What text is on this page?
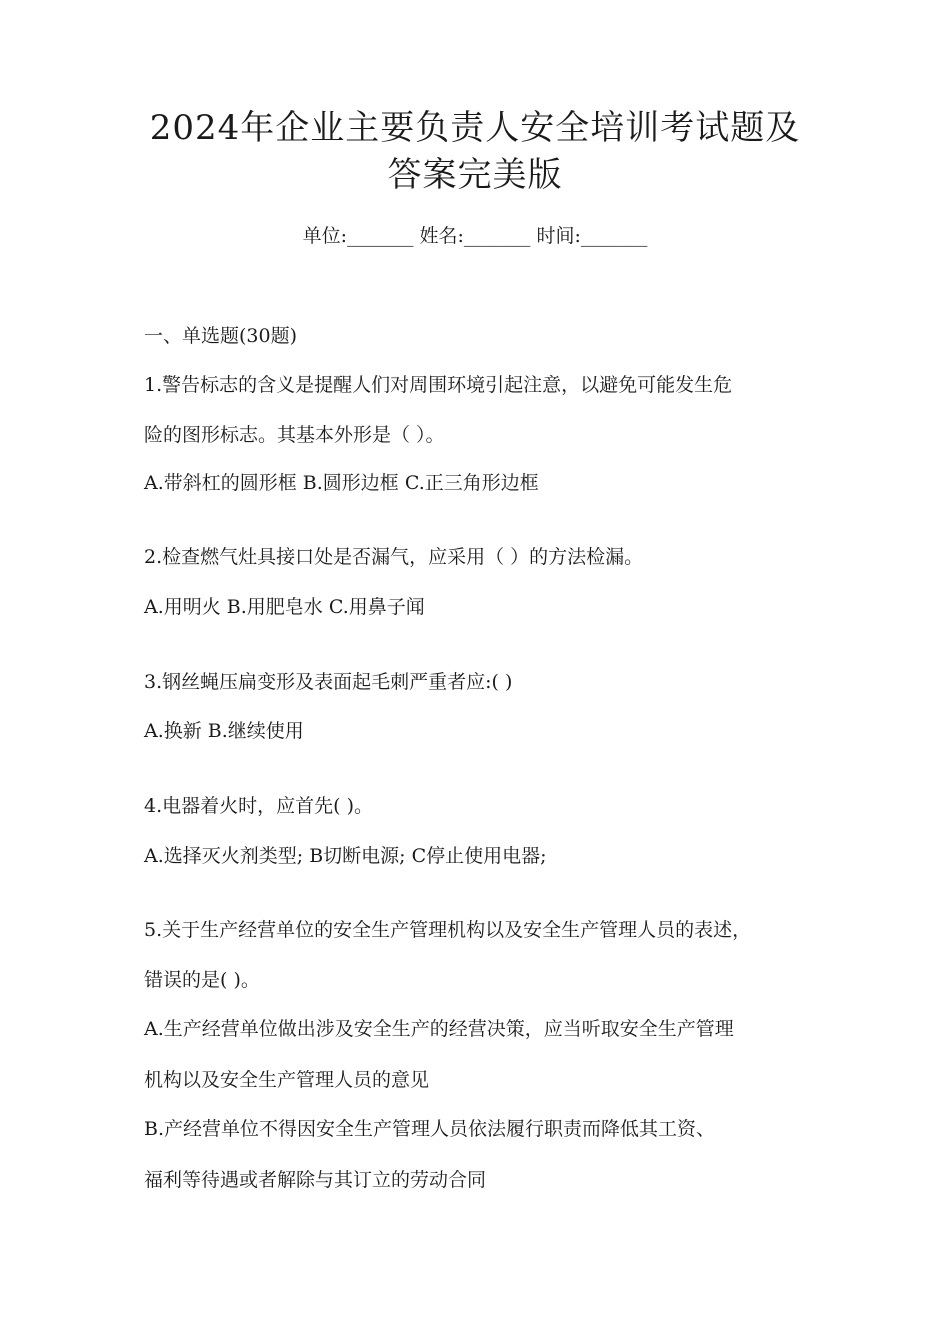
2024年企业主要负责人安全培训考试题及
答案完美版
单位:_______ 姓名:_______ 时间:_______
一、单选题(30题)
1.警告标志的含义是提醒人们对周围环境引起注意，以避免可能发生危
险的图形标志。其基本外形是（ ）。
A.带斜杠的圆形框 B.圆形边框 C.正三角形边框
2.检查燃气灶具接口处是否漏气，应采用（ ）的方法检漏。
A.用明火 B.用肥皂水 C.用鼻子闻
3.钢丝蝇压扁变形及表面起毛刺严重者应:( )
A.换新 B.继续使用
4.电器着火时，应首先( )。
A.选择灭火剂类型; B切断电源; C停止使用电器;
5.关于生产经营单位的安全生产管理机构以及安全生产管理人员的表述，
错误的是( )。
A.生产经营单位做出涉及安全生产的经营决策，应当听取安全生产管理
机构以及安全生产管理人员的意见
B.产经营单位不得因安全生产管理人员依法履行职责而降低其工资、
福利等待遇或者解除与其订立的劳动合同
